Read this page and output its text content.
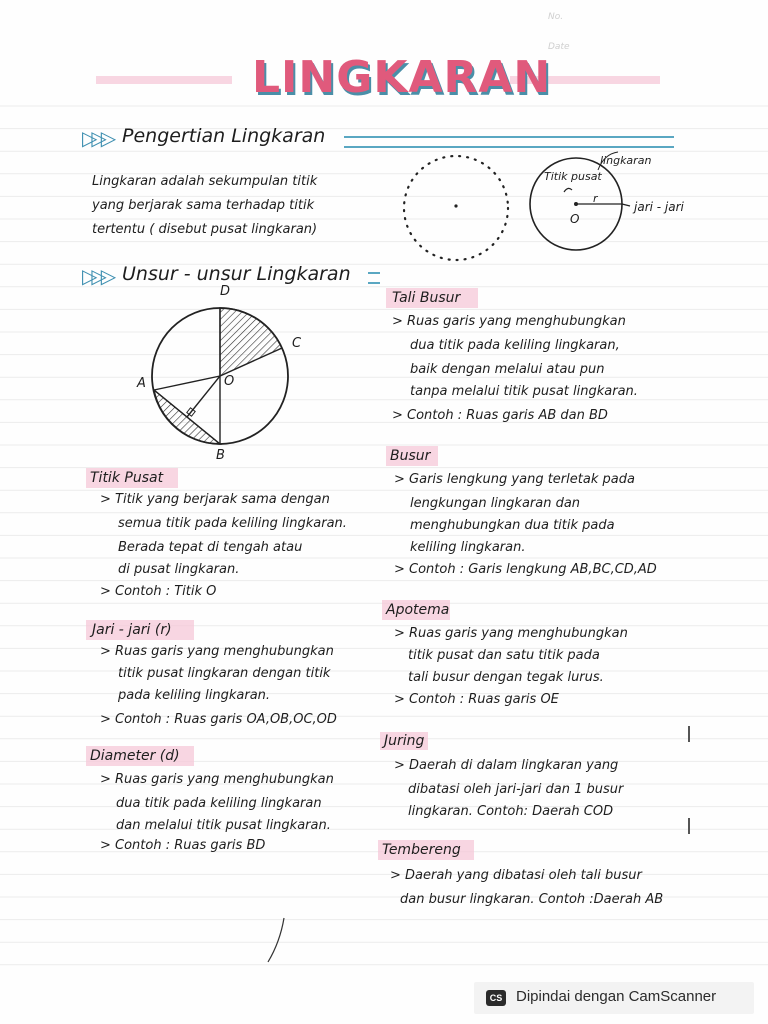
No.
Date
LINGKARAN
▷▷▷ Pengertian Lingkaran
Lingkaran adalah sekumpulan titik
yang berjarak sama terhadap titik
tertentu ( disebut pusat lingkaran)
lingkaran
Titik pusat
r
O
jari - jari
▷▷▷ Unsur - unsur Lingkaran
D
C
A	O
B
Titik Pusat
> Titik yang berjarak sama dengan
semua titik pada keliling lingkaran.
Berada tepat di tengah atau
di pusat lingkaran.
> Contoh : Titik O
Jari - jari (r)
> Ruas garis yang menghubungkan
titik pusat lingkaran dengan titik
pada keliling lingkaran.
> Contoh : Ruas garis OA,OB,OC,OD
Diameter (d)
> Ruas garis yang menghubungkan
dua titik pada keliling lingkaran
dan melalui titik pusat lingkaran.
> Contoh : Ruas garis BD
Tali Busur
> Ruas garis yang menghubungkan
dua titik pada keliling lingkaran,
baik dengan melalui atau pun
tanpa melalui titik pusat lingkaran.
> Contoh : Ruas garis AB dan BD
Busur
> Garis lengkung yang terletak pada
lengkungan lingkaran dan
menghubungkan dua titik pada
keliling lingkaran.
> Contoh : Garis lengkung AB,BC,CD,AD
Apotema
> Ruas garis yang menghubungkan
titik pusat dan satu titik pada
tali busur dengan tegak lurus.
> Contoh : Ruas garis OE
Juring
> Daerah di dalam lingkaran yang
dibatasi oleh jari-jari dan 1 busur
lingkaran. Contoh: Daerah COD
Tembereng
> Daerah yang dibatasi oleh tali busur
dan busur lingkaran. Contoh :Daerah AB
CS Dipindai dengan CamScanner
